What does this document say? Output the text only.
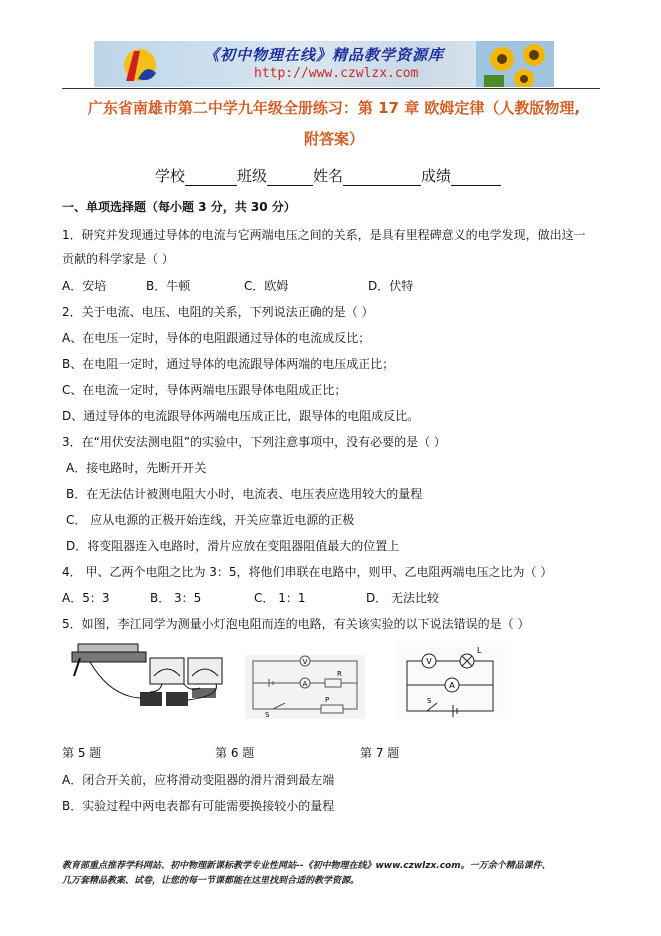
《初中物理在线》精品教学资源库
http://www.czwlzx.com
广东省南雄市第二中学九年级全册练习：第 17 章 欧姆定律（人教版物理,
附答案）
学校	班级	姓名	成绩
一、单项选择题（每小题 3 分，共 30 分）
1．研究并发现通过导体的电流与它两端电压之间的关系，是具有里程碑意义的电学发现，做出这一
贡献的科学家是（ ）
A．安培	B．牛顿	C．欧姆	D．伏特
2．关于电流、电压、电阻的关系，下列说法正确的是（ ）
A、在电压一定时，导体的电阻跟通过导体的电流成反比；
B、在电阻一定时，通过导体的电流跟导体两端的电压成正比；
C、在电流一定时，导体两端电压跟导体电阻成正比；
D、通过导体的电流跟导体两端电压成正比，跟导体的电阻成反比。
3．在“用伏安法测电阻”的实验中，下列注意事项中，没有必要的是（ ）
A．接电路时，先断开开关
B．在无法估计被测电阻大小时，电流表、电压表应选用较大的量程
C． 应从电源的正极开始连线，开关应靠近电源的正极
D．将变阻器连入电路时，滑片应放在变阻器阻值最大的位置上
4． 甲、乙两个电阻之比为 3：5，将他们串联在电路中，则甲、乙电阻两端电压之比为（ ）
A．5：3	B． 3：5	C． 1：1	D． 无法比较
5．如图，李江同学为测量小灯泡电阻而连的电路，有关该实验的以下说法错误的是（ ）
V
A
R
S
P
V
L
A
S
第 5 题	第 6 题	第 7 题
A．闭合开关前，应将滑动变阻器的滑片滑到最左端
B．实验过程中两电表都有可能需要换接较小的量程
教育部重点推荐学科网站、初中物理新课标教学专业性网站--《初中物理在线》www.czwlzx.com。一万余个精品课件、
几万套精品教案、试卷，让您的每一节课都能在这里找到合适的教学资源。
